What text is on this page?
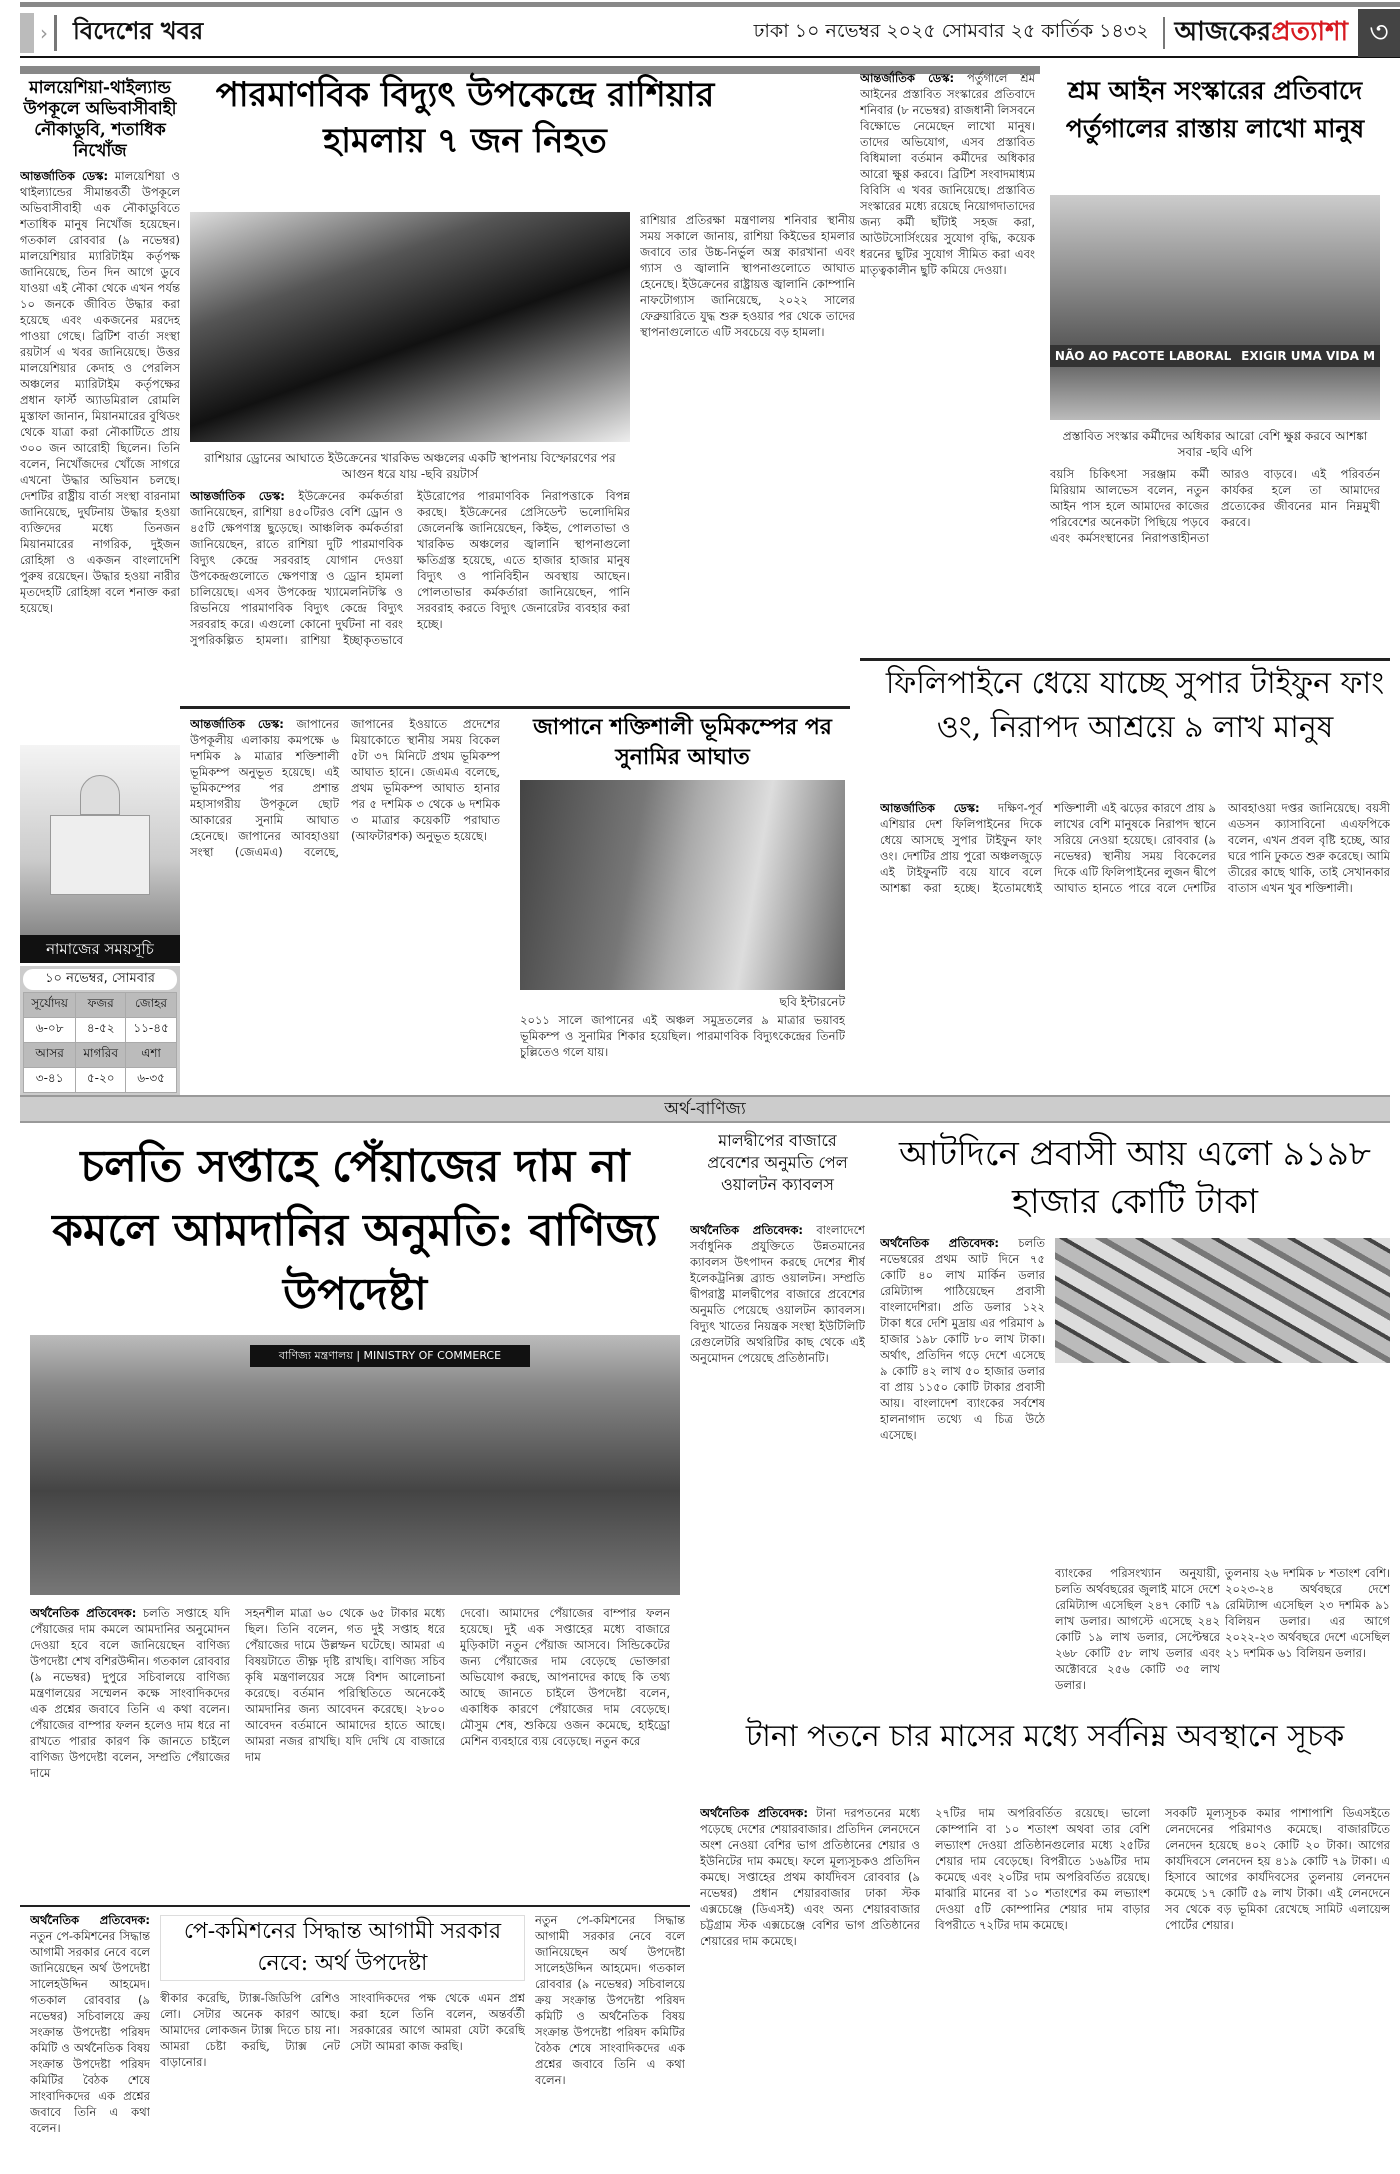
› বিদেশের খবর	ঢাকা ১০ নভেম্বর ২০২৫ সোমবার ২৫ কার্তিক ১৪৩২ আজকেরপ্রত্যাশা ৩
মালয়েশিয়া-থাইল্যান্ড উপকূলে অভিবাসীবাহী নৌকাডুবি, শতাধিক নিখোঁজ
আন্তর্জাতিক ডেস্ক: মালয়েশিয়া ও থাইল্যান্ডের সীমান্তবর্তী উপকূলে অভিবাসীবাহী এক নৌকাডুবিতে শতাধিক মানুষ নিখোঁজ হয়েছেন। গতকাল রোববার (৯ নভেম্বর) মালয়েশিয়ার ম্যারিটাইম কর্তৃপক্ষ জানিয়েছে, তিন দিন আগে ডুবে যাওয়া এই নৌকা থেকে এখন পর্যন্ত ১০ জনকে জীবিত উদ্ধার করা হয়েছে এবং একজনের মরদেহ পাওয়া গেছে। ব্রিটিশ বার্তা সংস্থা রয়টার্স এ খবর জানিয়েছে। উত্তর মালয়েশিয়ার কেদাহ ও পেরলিস অঞ্চলের ম্যারিটাইম কর্তৃপক্ষের প্রধান ফার্স্ট অ্যাডমিরাল রোমলি মুস্তাফা জানান, মিয়ানমারের বুথিডং থেকে যাত্রা করা নৌকাটিতে প্রায় ৩০০ জন আরোহী ছিলেন। তিনি বলেন, নিখোঁজদের খোঁজে সাগরে এখনো উদ্ধার অভিযান চলছে। দেশটির রাষ্ট্রীয় বার্তা সংস্থা বারনামা জানিয়েছে, দুর্ঘটনায় উদ্ধার হওয়া ব্যক্তিদের মধ্যে তিনজন মিয়ানমারের নাগরিক, দুইজন রোহিঙ্গা ও একজন বাংলাদেশি পুরুষ রয়েছেন। উদ্ধার হওয়া নারীর মৃতদেহটি রোহিঙ্গা বলে শনাক্ত করা হয়েছে।
নামাজের সময়সূচি
১০ নভেম্বর, সোমবার
সূর্যোদয়	ফজর	জোহর
৬-০৮	৪-৫২	১১-৪৫
আসর	মাগরিব	এশা
৩-৪১	৫-২০	৬-৩৫
পারমাণবিক বিদ্যুৎ উপকেন্দ্রে রাশিয়ার হামলায় ৭ জন নিহত
রাশিয়ার ড্রোনের আঘাতে ইউক্রেনের খারকিভ অঞ্চলের একটি স্থাপনায় বিস্ফোরণের পর আগুন ধরে যায় -ছবি রয়টার্স
আন্তর্জাতিক ডেস্ক: ইউক্রেনের কর্মকর্তারা জানিয়েছেন, রাশিয়া ৪৫০টিরও বেশি ড্রোন ও ৪৫টি ক্ষেপণাস্ত্র ছুড়েছে। আঞ্চলিক কর্মকর্তারা জানিয়েছেন, রাতে রাশিয়া দুটি পারমাণবিক বিদ্যুৎ কেন্দ্রে সরবরাহ যোগান দেওয়া উপকেন্দ্রগুলোতে ক্ষেপণাস্ত্র ও ড্রোন হামলা চালিয়েছে। এসব উপকেন্দ্র খ্যামেলনিটস্কি ও রিভনিয়ে পারমাণবিক বিদ্যুৎ কেন্দ্রে বিদ্যুৎ সরবরাহ করে। এগুলো কোনো দুর্ঘটনা না বরং সুপরিকল্পিত হামলা। রাশিয়া ইচ্ছাকৃতভাবে ইউরোপের পারমাণবিক নিরাপত্তাকে বিপন্ন করছে। ইউক্রেনের প্রেসিডেন্ট ভলোদিমির জেলেনস্কি জানিয়েছেন, কিইভ, পোলতাভা ও খারকিভ অঞ্চলের জ্বালানি স্থাপনাগুলো ক্ষতিগ্রস্ত হয়েছে, এতে হাজার হাজার মানুষ বিদ্যুৎ ও পানিবিহীন অবস্থায় আছেন। পোলতাভার কর্মকর্তারা জানিয়েছেন, পানি সরবরাহ করতে বিদ্যুৎ জেনারেটর ব্যবহার করা হচ্ছে।
রাশিয়ার প্রতিরক্ষা মন্ত্রণালয় শনিবার স্থানীয় সময় সকালে জানায়, রাশিয়া কিইভের হামলার জবাবে তার উচ্চ-নির্ভুল অস্ত্র কারখানা এবং গ্যাস ও জ্বালানি স্থাপনাগুলোতে আঘাত হেনেছে। ইউক্রেনের রাষ্ট্রায়ত্ত জ্বালানি কোম্পানি নাফটোগ্যাস জানিয়েছে, ২০২২ সালের ফেব্রুয়ারিতে যুদ্ধ শুরু হওয়ার পর থেকে তাদের স্থাপনাগুলোতে এটি সবচেয়ে বড় হামলা।
আন্তর্জাতিক ডেস্ক: পর্তুগালে শ্রম আইনের প্রস্তাবিত সংস্কারের প্রতিবাদে শনিবার (৮ নভেম্বর) রাজধানী লিসবনে বিক্ষোভে নেমেছেন লাখো মানুষ। তাদের অভিযোগ, এসব প্রস্তাবিত বিধিমালা বর্তমান কর্মীদের অধিকার আরো ক্ষুণ্ণ করবে। ব্রিটিশ সংবাদমাধ্যম বিবিসি এ খবর জানিয়েছে। প্রস্তাবিত সংস্কারের মধ্যে রয়েছে নিয়োগদাতাদের জন্য কর্মী ছাঁটাই সহজ করা, আউটসোর্সিংয়ের সুযোগ বৃদ্ধি, কয়েক ধরনের ছুটির সুযোগ সীমিত করা এবং মাতৃত্বকালীন ছুটি কমিয়ে দেওয়া।
শ্রম আইন সংস্কারের প্রতিবাদে পর্তুগালের রাস্তায় লাখো মানুষ
NÃO AO PACOTE LABORAL EXIGIR UMA VIDA M
প্রস্তাবিত সংস্কার কর্মীদের অধিকার আরো বেশি ক্ষুণ্ণ করবে আশঙ্কা সবার -ছবি এপি
বয়সি চিকিৎসা সরঞ্জাম কর্মী মিরিয়াম আলভেস বলেন, নতুন আইন পাস হলে আমাদের কাজের পরিবেশের অনেকটা পিছিয়ে পড়বে এবং কর্মসংস্থানের নিরাপত্তাহীনতা আরও বাড়বে। এই পরিবর্তন কার্যকর হলে তা আমাদের প্রত্যেকের জীবনের মান নিম্নমুখী করবে।
ফিলিপাইনে ধেয়ে যাচ্ছে সুপার টাইফুন ফাং ওং, নিরাপদ আশ্রয়ে ৯ লাখ মানুষ
আন্তর্জাতিক ডেস্ক: দক্ষিণ-পূর্ব এশিয়ার দেশ ফিলিপাইনের দিকে ধেয়ে আসছে সুপার টাইফুন ফাং ওং। দেশটির প্রায় পুরো অঞ্চলজুড়ে এই টাইফুনটি বয়ে যাবে বলে আশঙ্কা করা হচ্ছে। ইতোমধ্যেই শক্তিশালী এই ঝড়ের কারণে প্রায় ৯ লাখের বেশি মানুষকে নিরাপদ স্থানে সরিয়ে নেওয়া হয়েছে। রোববার (৯ নভেম্বর) স্থানীয় সময় বিকেলের দিকে এটি ফিলিপাইনের লুজন দ্বীপে আঘাত হানতে পারে বলে দেশটির আবহাওয়া দপ্তর জানিয়েছে। বয়সী এডসন ক্যাসাবিনো এএফপিকে বলেন, এখন প্রবল বৃষ্টি হচ্ছে, আর ঘরে পানি ঢুকতে শুরু করেছে। আমি তীরের কাছে থাকি, তাই সেখানকার বাতাস এখন খুব শক্তিশালী।
আন্তর্জাতিক ডেস্ক: জাপানের উপকূলীয় এলাকায় কমপক্ষে ৬ দশমিক ৯ মাত্রার শক্তিশালী ভূমিকম্প অনুভূত হয়েছে। এই ভূমিকম্পের পর প্রশান্ত মহাসাগরীয় উপকূলে ছোট আকারের সুনামি আঘাত হেনেছে। জাপানের আবহাওয়া সংস্থা (জেএমএ) বলেছে, জাপানের ইওয়াতে প্রদেশের মিয়াকোতে স্থানীয় সময় বিকেল ৫টা ৩৭ মিনিটে প্রথম ভূমিকম্প আঘাত হানে। জেএমএ বলেছে, প্রথম ভূমিকম্প আঘাত হানার পর ৫ দশমিক ৩ থেকে ৬ দশমিক ৩ মাত্রার কয়েকটি পরাঘাত (আফটারশক) অনুভূত হয়েছে।
জাপানে শক্তিশালী ভূমিকম্পের পর সুনামির আঘাত
ছবি ইন্টারনেট
২০১১ সালে জাপানের এই অঞ্চল সমুদ্রতলের ৯ মাত্রার ভয়াবহ ভূমিকম্প ও সুনামির শিকার হয়েছিল। পারমাণবিক বিদ্যুৎকেন্দ্রের তিনটি চুল্লিতেও গলে যায়।
অর্থ-বাণিজ্য
চলতি সপ্তাহে পেঁয়াজের দাম না কমলে আমদানির অনুমতি: বাণিজ্য উপদেষ্টা
বাণিজ্য মন্ত্রণালয় | MINISTRY OF COMMERCE
অর্থনৈতিক প্রতিবেদক: চলতি সপ্তাহে যদি পেঁয়াজের দাম কমলে আমদানির অনুমোদন দেওয়া হবে বলে জানিয়েছেন বাণিজ্য উপদেষ্টা শেখ বশিরউদ্দীন। গতকাল রোববার (৯ নভেম্বর) দুপুরে সচিবালয়ে বাণিজ্য মন্ত্রণালয়ের সম্মেলন কক্ষে সাংবাদিকদের এক প্রশ্নের জবাবে তিনি এ কথা বলেন। পেঁয়াজের বাম্পার ফলন হলেও দাম ধরে না রাখতে পারার কারণ কি জানতে চাইলে বাণিজ্য উপদেষ্টা বলেন, সম্প্রতি পেঁয়াজের দামে
সহনশীল মাত্রা ৬০ থেকে ৬৫ টাকার মধ্যে ছিল। তিনি বলেন, গত দুই সপ্তাহ ধরে পেঁয়াজের দামে উল্লম্ফন ঘটেছে। আমরা এ বিষয়টাতে তীক্ষ্ণ দৃষ্টি রাখছি। বাণিজ্য সচিব কৃষি মন্ত্রণালয়ের সঙ্গে বিশদ আলোচনা করেছে। বর্তমান পরিস্থিতিতে অনেকেই আমদানির জন্য আবেদন করেছে। ২৮০০ আবেদন বর্তমানে আমাদের হাতে আছে। আমরা নজর রাখছি। যদি দেখি যে বাজারে দাম
দেবো। আমাদের পেঁয়াজের বাম্পার ফলন হয়েছে। দুই এক সপ্তাহের মধ্যে বাজারে মুড়িকাটা নতুন পেঁয়াজ আসবে। সিন্ডিকেটের জন্য পেঁয়াজের দাম বেড়েছে ভোক্তারা অভিযোগ করছে, আপনাদের কাছে কি তথ্য আছে জানতে চাইলে উপদেষ্টা বলেন, একাধিক কারণে পেঁয়াজের দাম বেড়েছে। মৌসুম শেষ, শুকিয়ে ওজন কমেছে, হাইড্রো মেশিন ব্যবহারে ব্যয় বেড়েছে। নতুন করে
মালদ্বীপের বাজারে প্রবেশের অনুমতি পেল ওয়ালটন ক্যাবলস
অর্থনৈতিক প্রতিবেদক: বাংলাদেশে সর্বাধুনিক প্রযুক্তিতে উন্নতমানের ক্যাবলস উৎপাদন করছে দেশের শীর্ষ ইলেকট্রনিক্স ব্র্যান্ড ওয়ালটন। সম্প্রতি দ্বীপরাষ্ট্র মালদ্বীপের বাজারে প্রবেশের অনুমতি পেয়েছে ওয়ালটন ক্যাবলস। বিদ্যুৎ খাতের নিয়ন্ত্রক সংস্থা ইউটিলিটি রেগুলেটরি অথরিটির কাছ থেকে এই অনুমোদন পেয়েছে প্রতিষ্ঠানটি।
আটদিনে প্রবাসী আয় এলো ৯১৯৮ হাজার কোটি টাকা
অর্থনৈতিক প্রতিবেদক: চলতি নভেম্বরের প্রথম আট দিনে ৭৫ কোটি ৪০ লাখ মার্কিন ডলার রেমিট্যান্স পাঠিয়েছেন প্রবাসী বাংলাদেশিরা। প্রতি ডলার ১২২ টাকা ধরে দেশি মুদ্রায় এর পরিমাণ ৯ হাজার ১৯৮ কোটি ৮০ লাখ টাকা। অর্থাৎ, প্রতিদিন গড়ে দেশে এসেছে ৯ কোটি ৪২ লাখ ৫০ হাজার ডলার বা প্রায় ১১৫০ কোটি টাকার প্রবাসী আয়। বাংলাদেশ ব্যাংকের সর্বশেষ হালনাগাদ তথ্যে এ চিত্র উঠে এসেছে।
ব্যাংকের পরিসংখ্যান অনুযায়ী, চলতি অর্থবছরের জুলাই মাসে দেশে রেমিট্যান্স এসেছিল ২৪৭ কোটি ৭৯ লাখ ডলার। আগস্টে এসেছে ২৪২ কোটি ১৯ লাখ ডলার, সেপ্টেম্বরে ২৬৮ কোটি ৫৮ লাখ ডলার এবং অক্টোবরে ২৫৬ কোটি ৩৫ লাখ ডলার।
তুলনায় ২৬ দশমিক ৮ শতাংশ বেশি। ২০২৩-২৪ অর্থবছরে দেশে রেমিট্যান্স এসেছিল ২৩ দশমিক ৯১ বিলিয়ন ডলার। এর আগে ২০২২-২৩ অর্থবছরে দেশে এসেছিল ২১ দশমিক ৬১ বিলিয়ন ডলার।
টানা পতনে চার মাসের মধ্যে সর্বনিম্ন অবস্থানে সূচক
অর্থনৈতিক প্রতিবেদক: টানা দরপতনের মধ্যে পড়েছে দেশের শেয়ারবাজার। প্রতিদিন লেনদেনে অংশ নেওয়া বেশির ভাগ প্রতিষ্ঠানের শেয়ার ও ইউনিটের দাম কমছে। ফলে মূল্যসূচকও প্রতিদিন কমছে। সপ্তাহের প্রথম কার্যদিবস রোববার (৯ নভেম্বর) প্রধান শেয়ারবাজার ঢাকা স্টক এক্সচেঞ্জে (ডিএসই) এবং অন্য শেয়ারবাজার চট্টগ্রাম স্টক এক্সচেঞ্জে বেশির ভাগ প্রতিষ্ঠানের শেয়ারের দাম কমেছে।
২৭টির দাম অপরিবর্তিত রয়েছে। ভালো কোম্পানি বা ১০ শতাংশ অথবা তার বেশি লভ্যাংশ দেওয়া প্রতিষ্ঠানগুলোর মধ্যে ২৫টির শেয়ার দাম বেড়েছে। বিপরীতে ১৬৯টির দাম কমেছে এবং ২০টির দাম অপরিবর্তিত রয়েছে। মাঝারি মানের বা ১০ শতাংশের কম লভ্যাংশ দেওয়া ৫টি কোম্পানির শেয়ার দাম বাড়ার বিপরীতে ৭২টির দাম কমেছে।
সবকটি মূল্যসূচক কমার পাশাপাশি ডিএসইতে লেনদেনের পরিমাণও কমেছে। বাজারটিতে লেনদেন হয়েছে ৪০২ কোটি ২০ টাকা। আগের কার্যদিবসে লেনদেন হয় ৪১৯ কোটি ৭৯ টাকা। এ হিসাবে আগের কার্যদিবসের তুলনায় লেনদেন কমেছে ১৭ কোটি ৫৯ লাখ টাকা। এই লেনদেনে সব থেকে বড় ভূমিকা রেখেছে সামিট এলায়েন্স পোর্টের শেয়ার।
অর্থনৈতিক প্রতিবেদক: নতুন পে-কমিশনের সিদ্ধান্ত আগামী সরকার নেবে বলে জানিয়েছেন অর্থ উপদেষ্টা সালেহউদ্দিন আহমেদ। গতকাল রোববার (৯ নভেম্বর) সচিবালয়ে ক্রয় সংক্রান্ত উপদেষ্টা পরিষদ কমিটি ও অর্থনৈতিক বিষয় সংক্রান্ত উপদেষ্টা পরিষদ কমিটির বৈঠক শেষে সাংবাদিকদের এক প্রশ্নের জবাবে তিনি এ কথা বলেন।
পে-কমিশনের সিদ্ধান্ত আগামী সরকার নেবে: অর্থ উপদেষ্টা
স্বীকার করেছি, ট্যাক্স-জিডিপি রেশিও লো। সেটার অনেক কারণ আছে। আমাদের লোকজন ট্যাক্স দিতে চায় না। আমরা চেষ্টা করছি, ট্যাক্স নেট বাড়ানোর।
সাংবাদিকদের পক্ষ থেকে এমন প্রশ্ন করা হলে তিনি বলেন, অন্তর্বর্তী সরকারের আগে আমরা যেটা করেছি সেটা আমরা কাজ করছি।
নতুন পে-কমিশনের সিদ্ধান্ত আগামী সরকার নেবে বলে জানিয়েছেন অর্থ উপদেষ্টা সালেহউদ্দিন আহমেদ। গতকাল রোববার (৯ নভেম্বর) সচিবালয়ে ক্রয় সংক্রান্ত উপদেষ্টা পরিষদ কমিটি ও অর্থনৈতিক বিষয় সংক্রান্ত উপদেষ্টা পরিষদ কমিটির বৈঠক শেষে সাংবাদিকদের এক প্রশ্নের জবাবে তিনি এ কথা বলেন।
